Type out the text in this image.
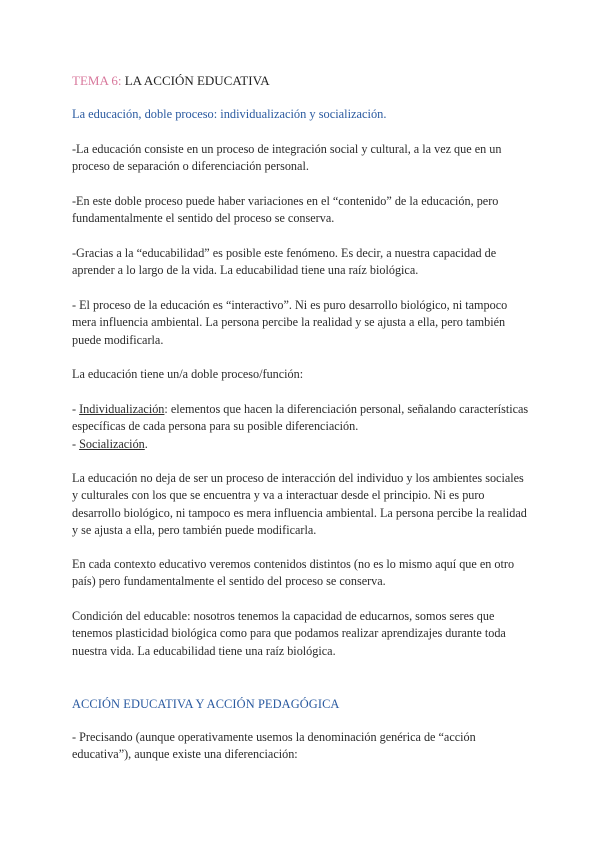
TEMA 6: LA ACCIÓN EDUCATIVA
La educación, doble proceso: individualización y socialización.

-La educación consiste en un proceso de integración social y cultural, a la vez que en un proceso de separación o diferenciación personal.

-En este doble proceso puede haber variaciones en el “contenido” de la educación, pero fundamentalmente el sentido del proceso se conserva.

-Gracias a la “educabilidad” es posible este fenómeno. Es decir, a nuestra capacidad de aprender a lo largo de la vida. La educabilidad tiene una raíz biológica.

- El proceso de la educación es “interactivo”. Ni es puro desarrollo biológico, ni tampoco mera influencia ambiental. La persona percibe la realidad y se ajusta a ella, pero también puede modificarla.

La educación tiene un/a doble proceso/función:

- Individualización: elementos que hacen la diferenciación personal, señalando características específicas de cada persona para su posible diferenciación.
- Socialización.

La educación no deja de ser un proceso de interacción del individuo y los ambientes sociales y culturales con los que se encuentra y va a interactuar desde el principio. Ni es puro desarrollo biológico, ni tampoco es mera influencia ambiental. La persona percibe la realidad y se ajusta a ella, pero también puede modificarla.

En cada contexto educativo veremos contenidos distintos (no es lo mismo aquí que en otro país) pero fundamentalmente el sentido del proceso se conserva.

Condición del educable: nosotros tenemos la capacidad de educarnos, somos seres que tenemos plasticidad biológica como para que podamos realizar aprendizajes durante toda nuestra vida. La educabilidad tiene una raíz biológica.

ACCIÓN EDUCATIVA Y ACCIÓN PEDAGÓGICA

- Precisando (aunque operativamente usemos la denominación genérica de “acción educativa”), aunque existe una diferenciación:
